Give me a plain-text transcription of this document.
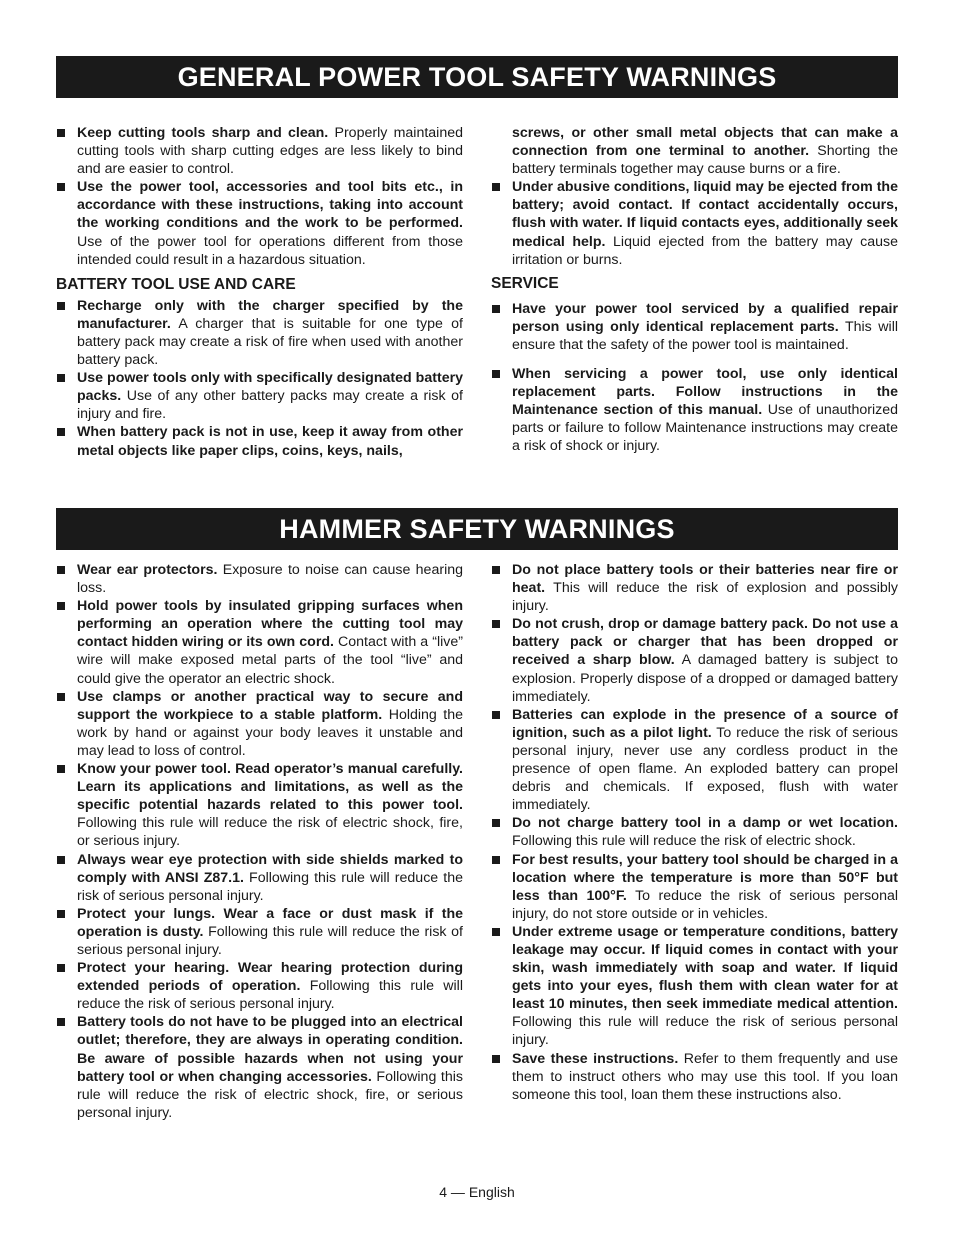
GENERAL POWER TOOL SAFETY WARNINGS
Keep cutting tools sharp and clean. Properly maintained cutting tools with sharp cutting edges are less likely to bind and are easier to control.
Use the power tool, accessories and tool bits etc., in accordance with these instructions, taking into account the working conditions and the work to be performed. Use of the power tool for operations different from those intended could result in a hazardous situation.
BATTERY TOOL USE AND CARE
Recharge only with the charger specified by the manufacturer. A charger that is suitable for one type of battery pack may create a risk of fire when used with another battery pack.
Use power tools only with specifically designated battery packs. Use of any other battery packs may create a risk of injury and fire.
When battery pack is not in use, keep it away from other metal objects like paper clips, coins, keys, nails,
screws, or other small metal objects that can make a connection from one terminal to another. Shorting the battery terminals together may cause burns or a fire.
Under abusive conditions, liquid may be ejected from the battery; avoid contact. If contact accidentally occurs, flush with water. If liquid contacts eyes, additionally seek medical help. Liquid ejected from the battery may cause irritation or burns.
SERVICE
Have your power tool serviced by a qualified repair person using only identical replacement parts. This will ensure that the safety of the power tool is maintained.
When servicing a power tool, use only identical replacement parts. Follow instructions in the Maintenance section of this manual. Use of unauthorized parts or failure to follow Maintenance instructions may create a risk of shock or injury.
HAMMER SAFETY WARNINGS
Wear ear protectors. Exposure to noise can cause hearing loss.
Hold power tools by insulated gripping surfaces when performing an operation where the cutting tool may contact hidden wiring or its own cord. Contact with a “live” wire will make exposed metal parts of the tool “live” and could give the operator an electric shock.
Use clamps or another practical way to secure and support the workpiece to a stable platform. Holding the work by hand or against your body leaves it unstable and may lead to loss of control.
Know your power tool. Read operator’s manual carefully. Learn its applications and limitations, as well as the specific potential hazards related to this power tool. Following this rule will reduce the risk of electric shock, fire, or serious injury.
Always wear eye protection with side shields marked to comply with ANSI Z87.1. Following this rule will reduce the risk of serious personal injury.
Protect your lungs. Wear a face or dust mask if the operation is dusty. Following this rule will reduce the risk of serious personal injury.
Protect your hearing. Wear hearing protection during extended periods of operation. Following this rule will reduce the risk of serious personal injury.
Battery tools do not have to be plugged into an electrical outlet; therefore, they are always in operating condition. Be aware of possible hazards when not using your battery tool or when changing accessories. Following this rule will reduce the risk of electric shock, fire, or serious personal injury.
Do not place battery tools or their batteries near fire or heat. This will reduce the risk of explosion and possibly injury.
Do not crush, drop or damage battery pack. Do not use a battery pack or charger that has been dropped or received a sharp blow. A damaged battery is subject to explosion. Properly dispose of a dropped or damaged battery immediately.
Batteries can explode in the presence of a source of ignition, such as a pilot light. To reduce the risk of serious personal injury, never use any cordless product in the presence of open flame. An exploded battery can propel debris and chemicals. If exposed, flush with water immediately.
Do not charge battery tool in a damp or wet location. Following this rule will reduce the risk of electric shock.
For best results, your battery tool should be charged in a location where the temperature is more than 50°F but less than 100°F. To reduce the risk of serious personal injury, do not store outside or in vehicles.
Under extreme usage or temperature conditions, battery leakage may occur. If liquid comes in contact with your skin, wash immediately with soap and water. If liquid gets into your eyes, flush them with clean water for at least 10 minutes, then seek immediate medical attention. Following this rule will reduce the risk of serious personal injury.
Save these instructions. Refer to them frequently and use them to instruct others who may use this tool. If you loan someone this tool, loan them these instructions also.
4 — English
